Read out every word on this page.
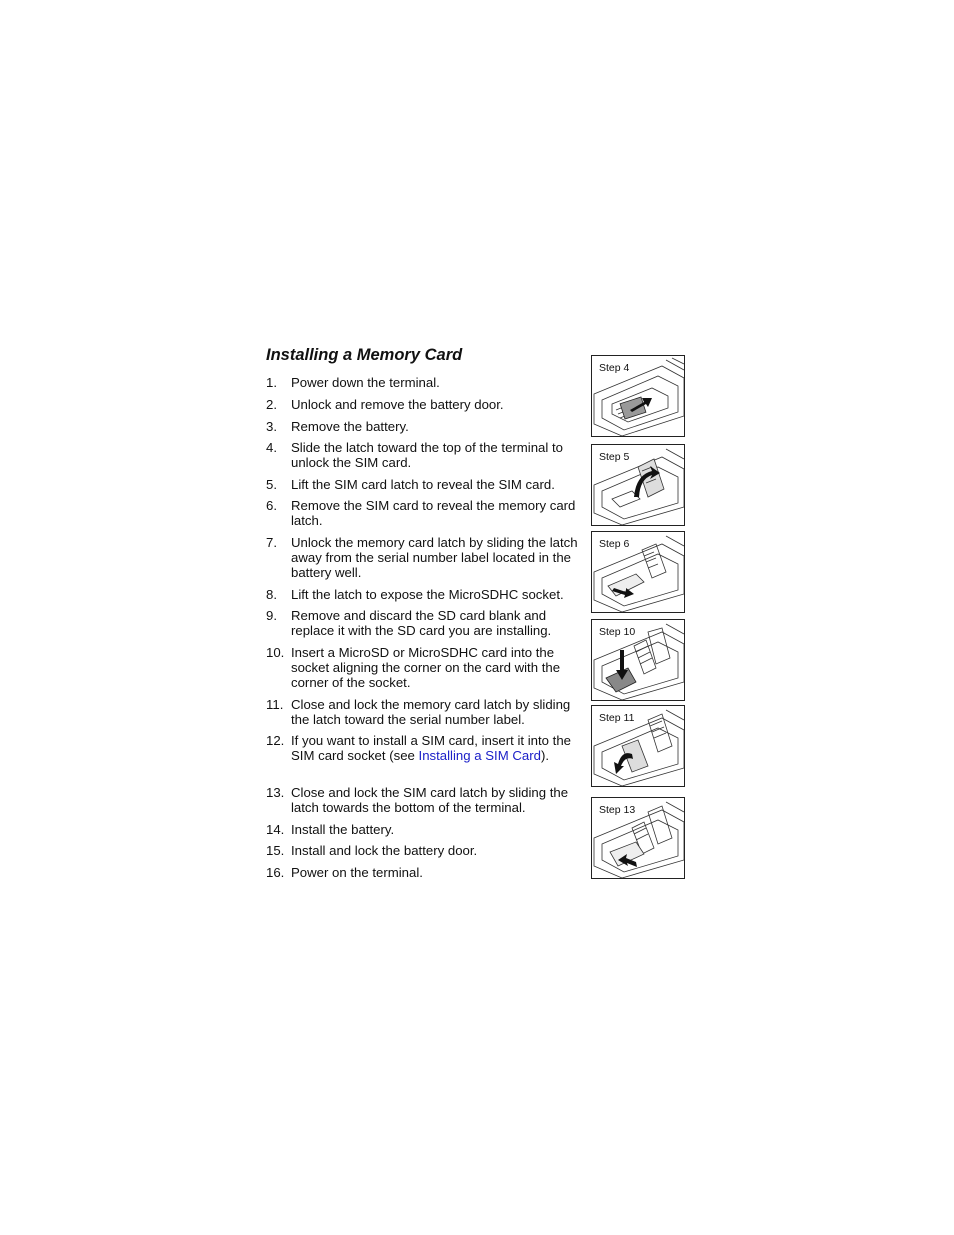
Installing a Memory Card
1.	Power down the terminal.
2.	Unlock and remove the battery door.
3.	Remove the battery.
4.	Slide the latch toward the top of the terminal to unlock the SIM card.
5.	Lift the SIM card latch to reveal the SIM card.
6.	Remove the SIM card to reveal the memory card latch.
7.	Unlock the memory card latch by sliding the latch away from the serial number label located in the battery well.
8.	Lift the latch to expose the MicroSDHC socket.
9.	Remove and discard the SD card blank and replace it with the SD card you are installing.
10. Insert a MicroSD or MicroSDHC card into the socket aligning the corner on the card with the corner of the socket.
11. Close and lock the memory card latch by sliding the latch toward the serial number label.
12. If you want to install a SIM card, insert it into the SIM card socket (see Installing a SIM Card).
13. Close and lock the SIM card latch by sliding the latch towards the bottom of the terminal.
14. Install the battery.
15. Install and lock the battery door.
16. Power on the terminal.
Step 4
Step 5
Step 6
Step 10
Step 11
Step 13
